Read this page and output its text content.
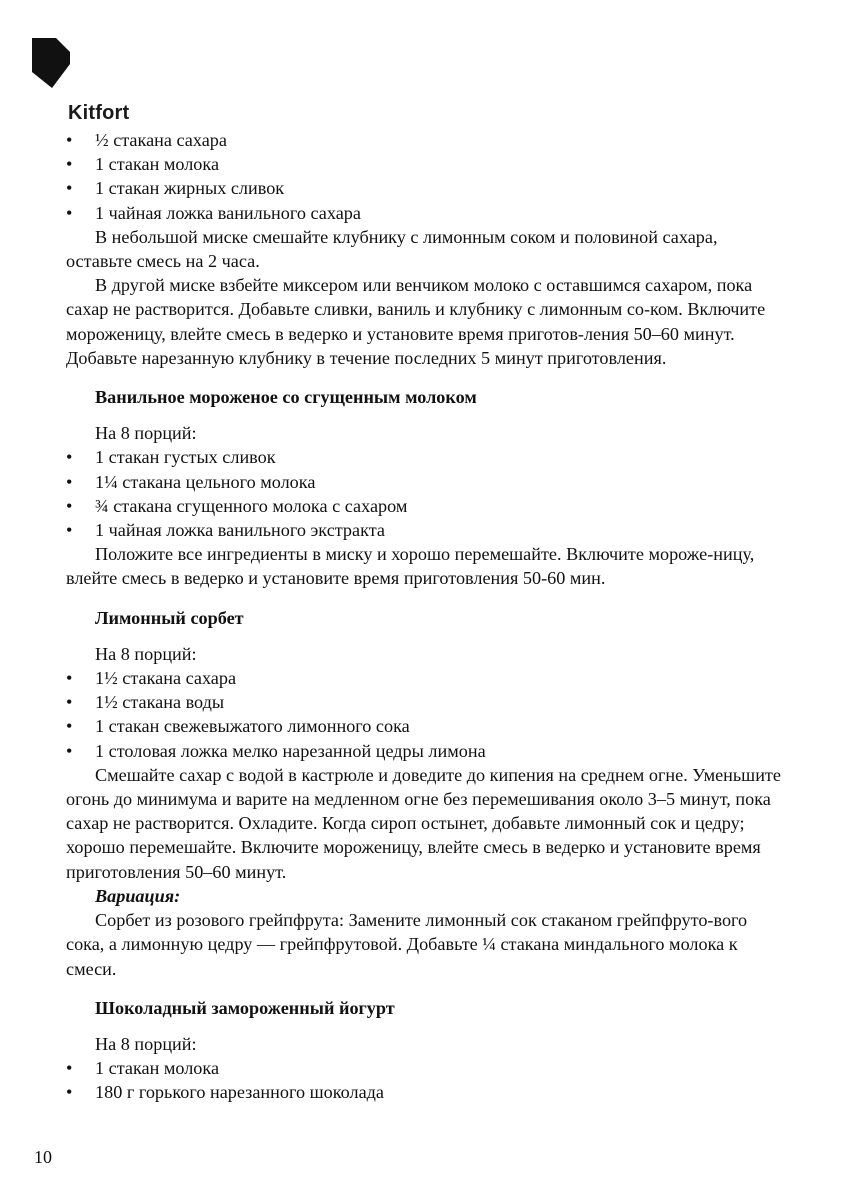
Kitfort
• ½ стакана сахара
• 1 стакан молока
• 1 стакан жирных сливок
• 1 чайная ложка ванильного сахара

В небольшой миске смешайте клубнику с лимонным соком и половиной сахара, оставьте смесь на 2 часа.

В другой миске взбейте миксером или венчиком молоко с оставшимся сахаром, пока сахар не растворится. Добавьте сливки, ваниль и клубнику с лимонным со-ком. Включите мороженицу, влейте смесь в ведерко и установите время приготов-ления 50–60 минут. Добавьте нарезанную клубнику в течение последних 5 минут приготовления.

Ванильное мороженое со сгущенным молоком
На 8 порций:
• 1 стакан густых сливок
• 1¼ стакана цельного молока
• ¾ стакана сгущенного молока с сахаром
• 1 чайная ложка ванильного экстракта

Положите все ингредиенты в миску и хорошо перемешайте. Включите мороже-ницу, влейте смесь в ведерко и установите время приготовления 50-60 мин.

Лимонный сорбет
На 8 порций:
• 1½ стакана сахара
• 1½ стакана воды
• 1 стакан свежевыжатого лимонного сока
• 1 столовая ложка мелко нарезанной цедры лимона

Смешайте сахар с водой в кастрюле и доведите до кипения на среднем огне. Уменьшите огонь до минимума и варите на медленном огне без перемешивания около 3–5 минут, пока сахар не растворится. Охладите. Когда сироп остынет, добавьте лимонный сок и цедру; хорошо перемешайте. Включите мороженицу, влейте смесь в ведерко и установите время приготовления 50–60 минут.

Вариация:

Сорбет из розового грейпфрута: Замените лимонный сок стаканом грейпфруто-вого сока, а лимонную цедру — грейпфрутовой. Добавьте ¼ стакана миндального молока к смеси.

Шоколадный замороженный йогурт
На 8 порций:
• 1 стакан молока
• 180 г горького нарезанного шоколада
10
